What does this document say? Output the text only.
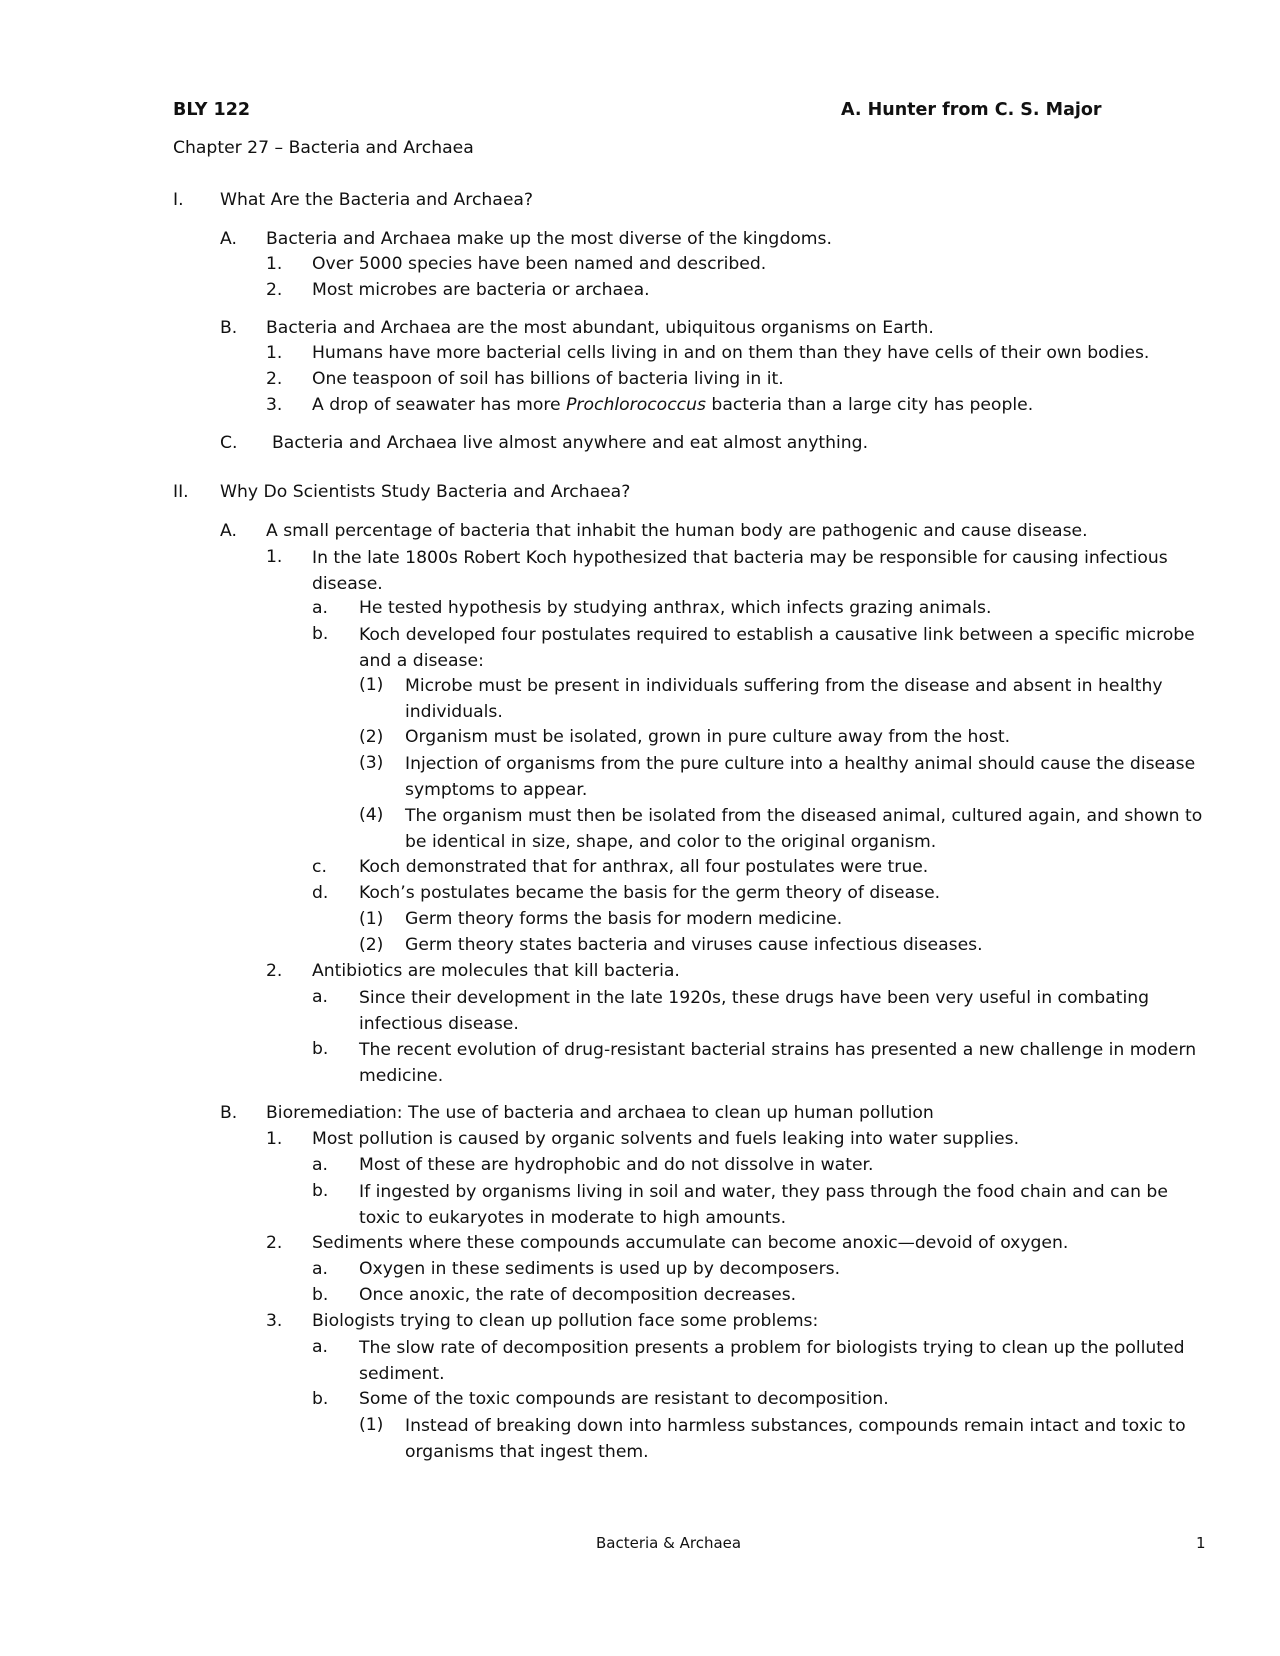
BLY 122	A. Hunter from C. S. Major
Chapter 27 – Bacteria and Archaea
I. What Are the Bacteria and Archaea?
A. Bacteria and Archaea make up the most diverse of the kingdoms.
1. Over 5000 species have been named and described.
2. Most microbes are bacteria or archaea.
B. Bacteria and Archaea are the most abundant, ubiquitous organisms on Earth.
1. Humans have more bacterial cells living in and on them than they have cells of their own bodies.
2. One teaspoon of soil has billions of bacteria living in it.
3. A drop of seawater has more Prochlorococcus bacteria than a large city has people.
C. Bacteria and Archaea live almost anywhere and eat almost anything.
II. Why Do Scientists Study Bacteria and Archaea?
A. A small percentage of bacteria that inhabit the human body are pathogenic and cause disease.
1. In the late 1800s Robert Koch hypothesized that bacteria may be responsible for causing infectious disease.
a. He tested hypothesis by studying anthrax, which infects grazing animals.
b. Koch developed four postulates required to establish a causative link between a specific microbe and a disease:
(1) Microbe must be present in individuals suffering from the disease and absent in healthy individuals.
(2) Organism must be isolated, grown in pure culture away from the host.
(3) Injection of organisms from the pure culture into a healthy animal should cause the disease symptoms to appear.
(4) The organism must then be isolated from the diseased animal, cultured again, and shown to be identical in size, shape, and color to the original organism.
c. Koch demonstrated that for anthrax, all four postulates were true.
d. Koch’s postulates became the basis for the germ theory of disease.
(1) Germ theory forms the basis for modern medicine.
(2) Germ theory states bacteria and viruses cause infectious diseases.
2. Antibiotics are molecules that kill bacteria.
a. Since their development in the late 1920s, these drugs have been very useful in combating infectious disease.
b. The recent evolution of drug-resistant bacterial strains has presented a new challenge in modern medicine.
B. Bioremediation: The use of bacteria and archaea to clean up human pollution
1. Most pollution is caused by organic solvents and fuels leaking into water supplies.
a. Most of these are hydrophobic and do not dissolve in water.
b. If ingested by organisms living in soil and water, they pass through the food chain and can be toxic to eukaryotes in moderate to high amounts.
2. Sediments where these compounds accumulate can become anoxic—devoid of oxygen.
a. Oxygen in these sediments is used up by decomposers.
b. Once anoxic, the rate of decomposition decreases.
3. Biologists trying to clean up pollution face some problems:
a. The slow rate of decomposition presents a problem for biologists trying to clean up the polluted sediment.
b. Some of the toxic compounds are resistant to decomposition.
(1) Instead of breaking down into harmless substances, compounds remain intact and toxic to organisms that ingest them.
Bacteria & Archaea	1
